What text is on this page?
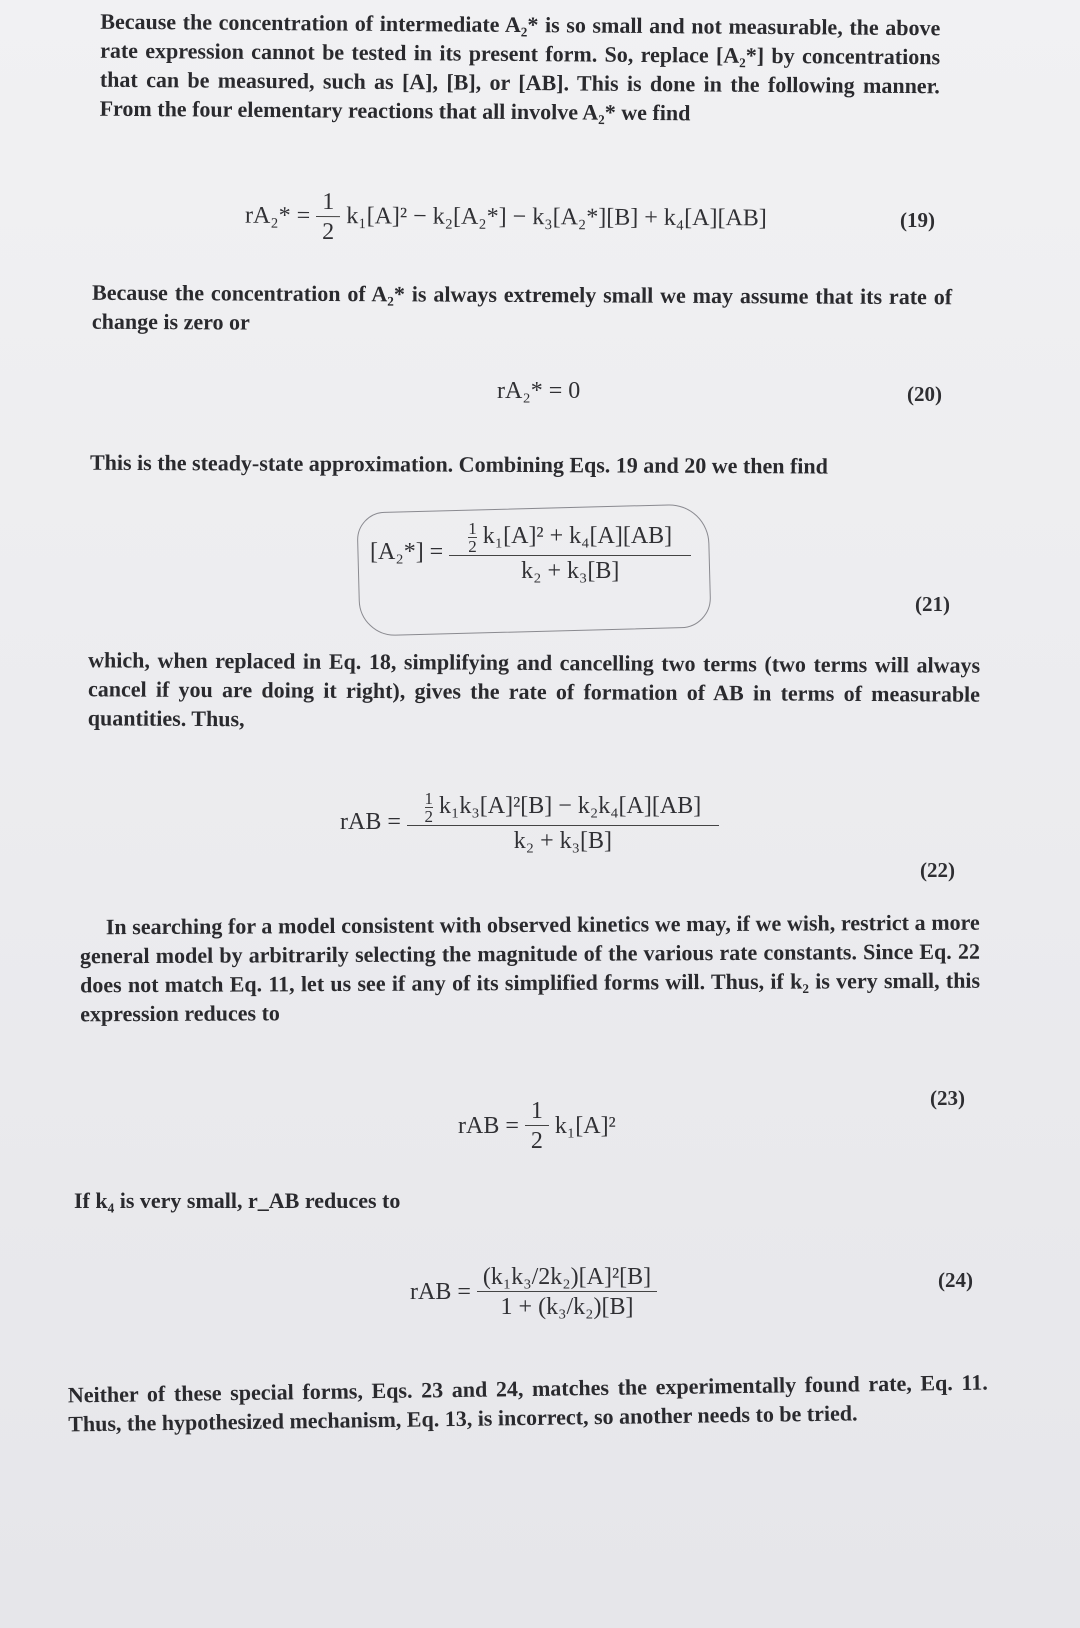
Because the concentration of intermediate A₂* is so small and not measurable, the above rate expression cannot be tested in its present form. So, replace [A₂*] by concentrations that can be measured, such as [A], [B], or [AB]. This is done in the following manner. From the four elementary reactions that all involve A₂* we find

$rA_2* = \frac{1}{2} k_1[A]^2 - k_2[A_2*] - k_3[A_2*][B] + k_4[A][AB]$	(19)

Because the concentration of A₂* is always extremely small we may assume that its rate of change is zero or

rA₂* = 0	(20)

This is the steady-state approximation. Combining Eqs. 19 and 20 we then find

$[A_2*] = \frac{\frac{1}{2} k_1[A]^2 + k_4[A][AB]}{\text{k₂ + k₃[B]}}$
(21)

which, when replaced in Eq. 18, simplifying and cancelling two terms (two terms will always cancel if you are doing it right), gives the rate of formation of AB in terms of measurable quantities. Thus,

rAB = $\frac{\frac{1}{2} k_1k_3[A]^2[B] - k_2k_4[A][AB]}{\text{k₂ + k₃[B]}}$
(22)

In searching for a model consistent with observed kinetics we may, if we wish, restrict a more general model by arbitrarily selecting the magnitude of the various rate constants. Since Eq. 22 does not match Eq. 11, let us see if any of its simplified forms will. Thus, if k₂ is very small, this expression reduces to

rAB = $\frac{1}{2} k_1[A]^2$
(23)

If k₄ is very small, r_AB reduces to

rAB = $\frac{\text{(k₁k₃/2k₂)[A]²[B]}}{\text{1 + (k₃/k₂)[B]}}$	(24)

Neither of these special forms, Eqs. 23 and 24, matches the experimentally found rate, Eq. 11. Thus, the hypothesized mechanism, Eq. 13, is incorrect, so another needs to be tried.
